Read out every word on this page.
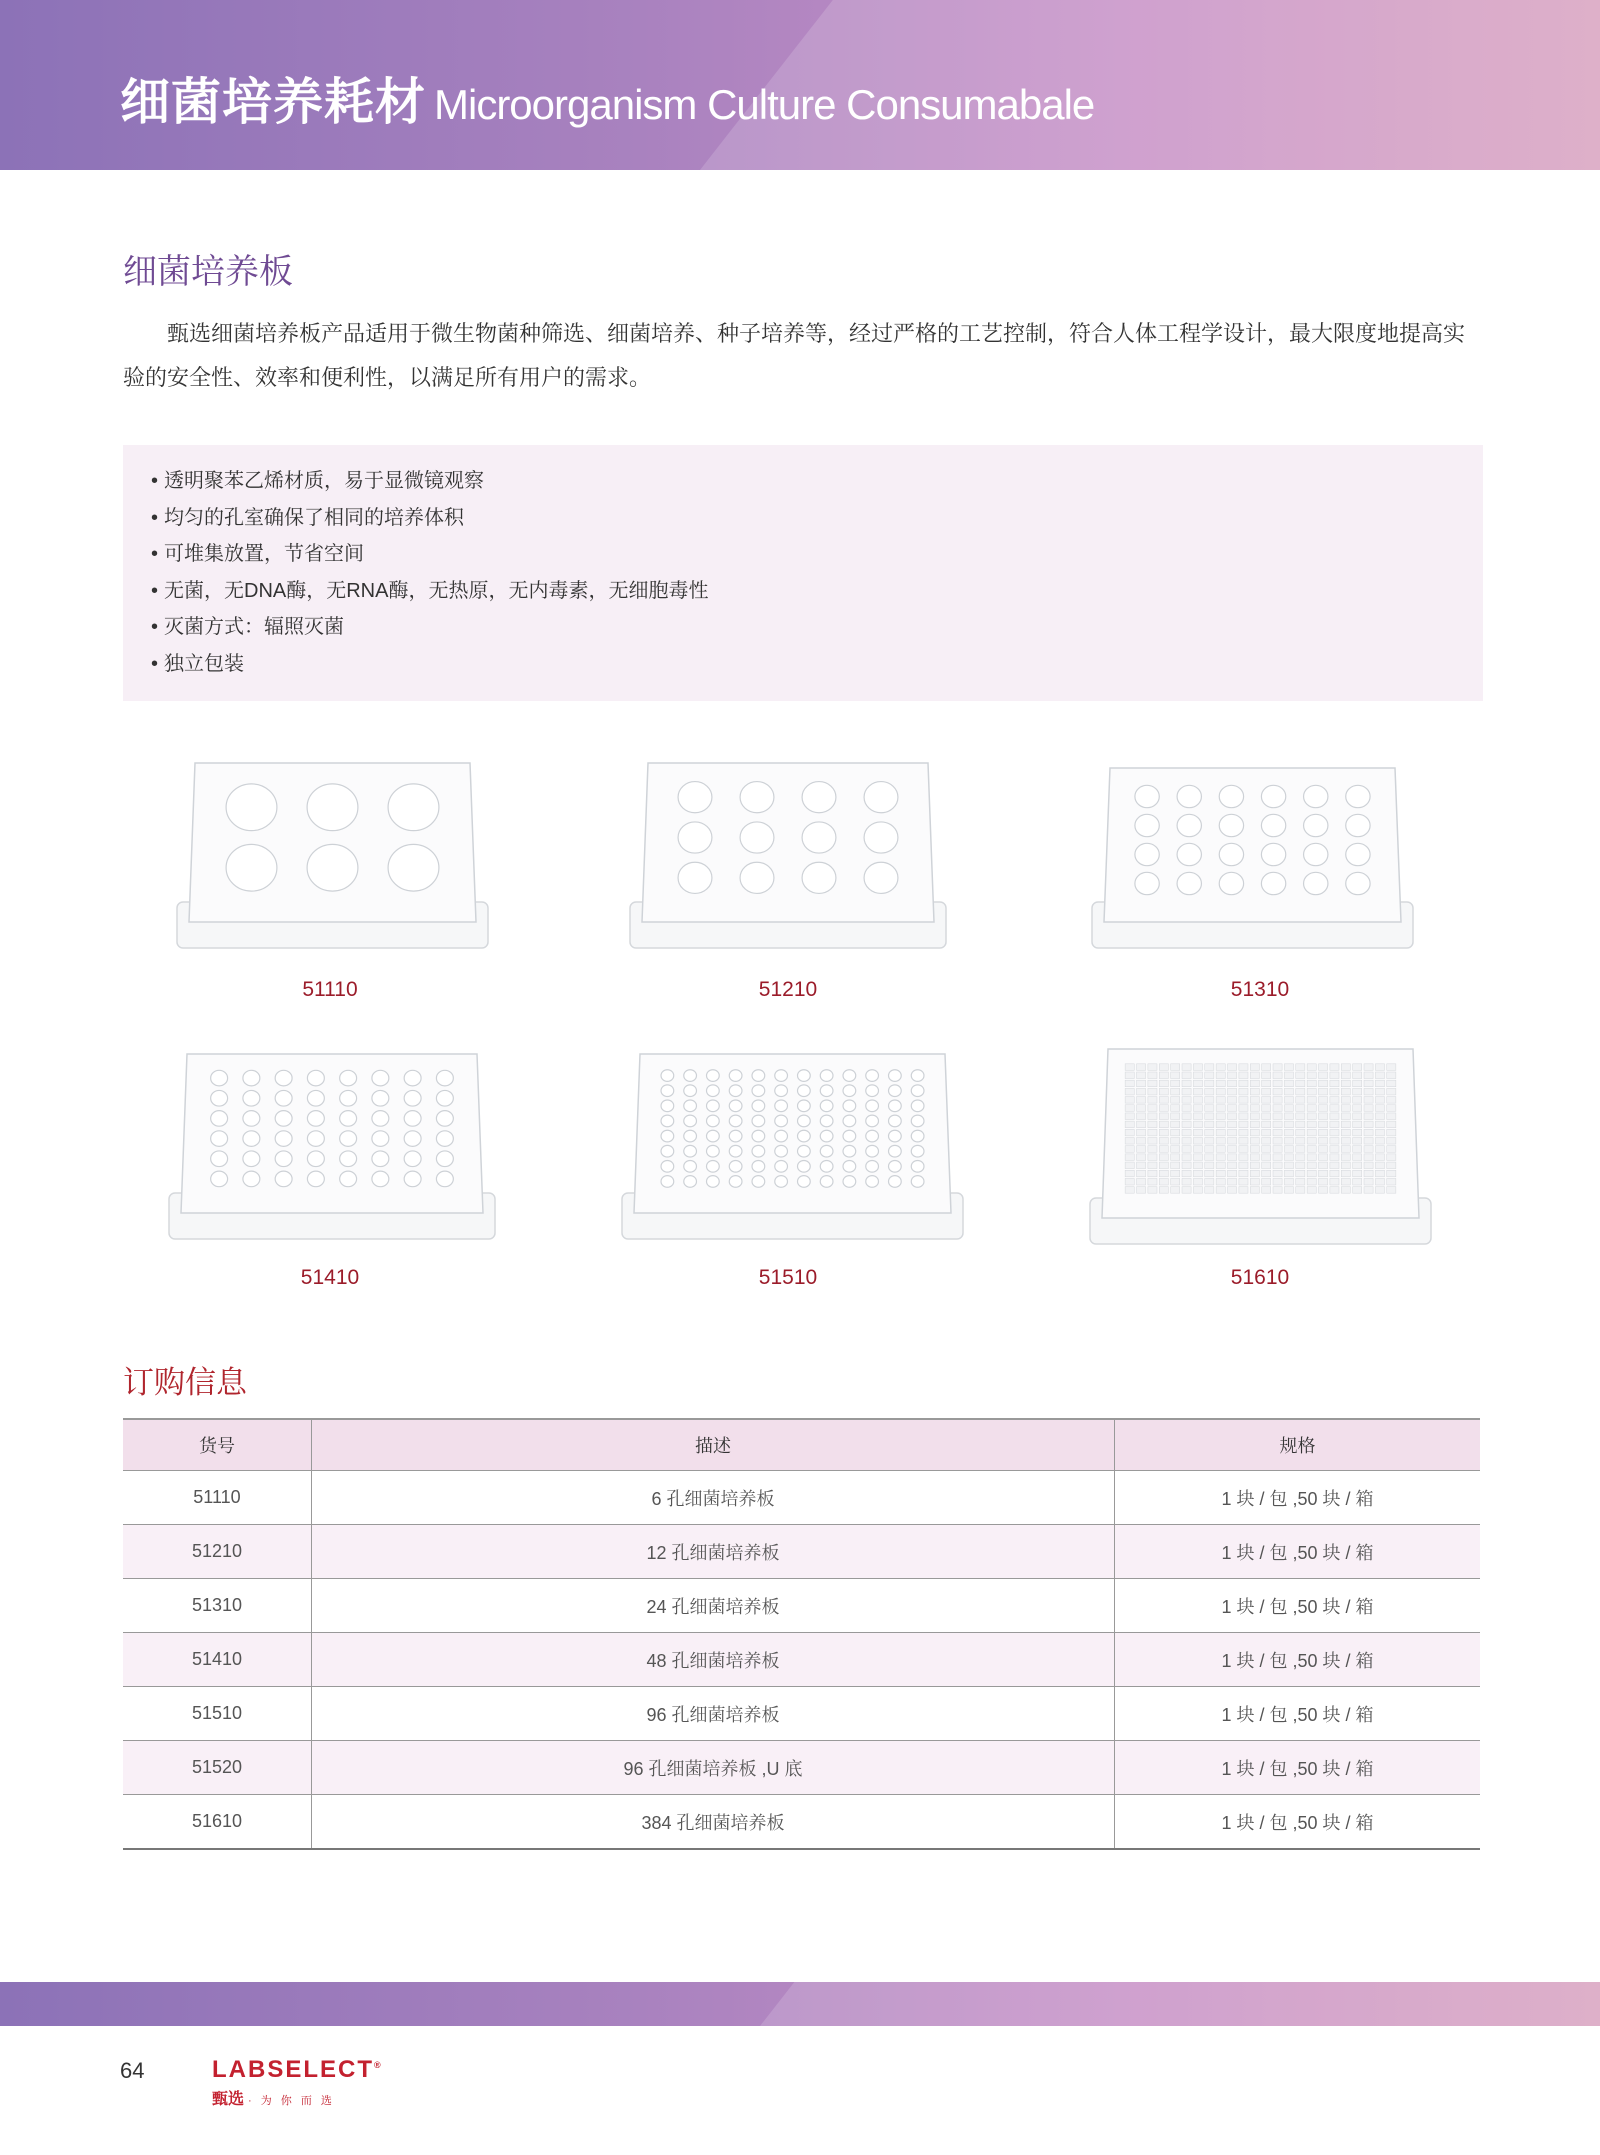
细菌培养耗材 Microorganism Culture Consumabale
细菌培养板
甄选细菌培养板产品适用于微生物菌种筛选、细菌培养、种子培养等，经过严格的工艺控制，符合人体工程学设计，最大限度地提高实验的安全性、效率和便利性，以满足所有用户的需求。
• 透明聚苯乙烯材质，易于显微镜观察
• 均匀的孔室确保了相同的培养体积
• 可堆集放置，节省空间
• 无菌，无DNA酶，无RNA酶，无热原，无内毒素，无细胞毒性
• 灭菌方式：辐照灭菌
• 独立包装
51110	51210	51310
51410	51510	51610
订购信息
货号	描述	规格
51110	6 孔细菌培养板	1 块 / 包 ,50 块 / 箱
51210	12 孔细菌培养板	1 块 / 包 ,50 块 / 箱
51310	24 孔细菌培养板	1 块 / 包 ,50 块 / 箱
51410	48 孔细菌培养板	1 块 / 包 ,50 块 / 箱
51510	96 孔细菌培养板	1 块 / 包 ,50 块 / 箱
51520	96 孔细菌培养板 ,U 底	1 块 / 包 ,50 块 / 箱
51610	384 孔细菌培养板	1 块 / 包 ,50 块 / 箱
64	LABSELECT®
甄选 · 为 你 而 选
